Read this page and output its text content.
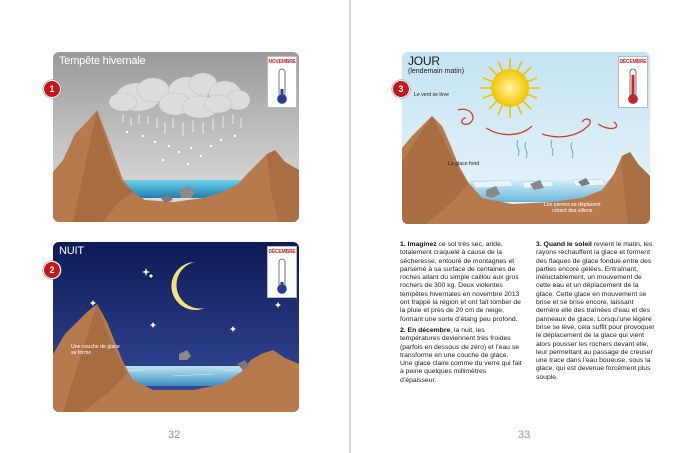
Tempête hivernale	NOVEMBRE
1
NUIT	DÉCEMBRE
Une couche de glace
se forme
2
32
JOUR
(lendemain matin)
DÉCEMBRE
Le vent se lève
La glace fond
Les pierres se déplacent
créant des sillons
3

1. Imaginez ce sol très sec, aride, totalement craquelé à cause de la sécheresse, entouré de montagnes et parsemé à sa surface de centaines de roches allant du simple caillou aux gros rochers de 300 kg. Deux violentes tempêtes hivernales en novembre 2013 ont frappé la région et ont fait tomber de la pluie et près de 20 cm de neige, formant une sorte d’étang peu profond.

2. En décembre, la nuit, les températures deviennent très froides (parfois en dessous de zéro) et l’eau se transforme en une couche de glace. Une glace claire comme du verre qui fait à peine quelques millimètres d’épaisseur.

3. Quand le soleil revient le matin, les rayons réchauffent la glace et forment des flaques de glace fondue entre des parties encore gelées. Entraînant, inéluctablement, un mouvement de cette eau et un déplacement de la glace. Cette glace en mouvement se brise et se brise encore, laissant derrière elle des traînées d’eau et des panneaux de glace. Lorsqu’une légère brise se lève, cela suffit pour provoquer le déplacement de la glace qui vient alors pousser les rochers devant elle, leur permettant au passage de creuser une trace dans l’eau boueuse, sous la glace, qui est devenue forcément plus souple.

33
